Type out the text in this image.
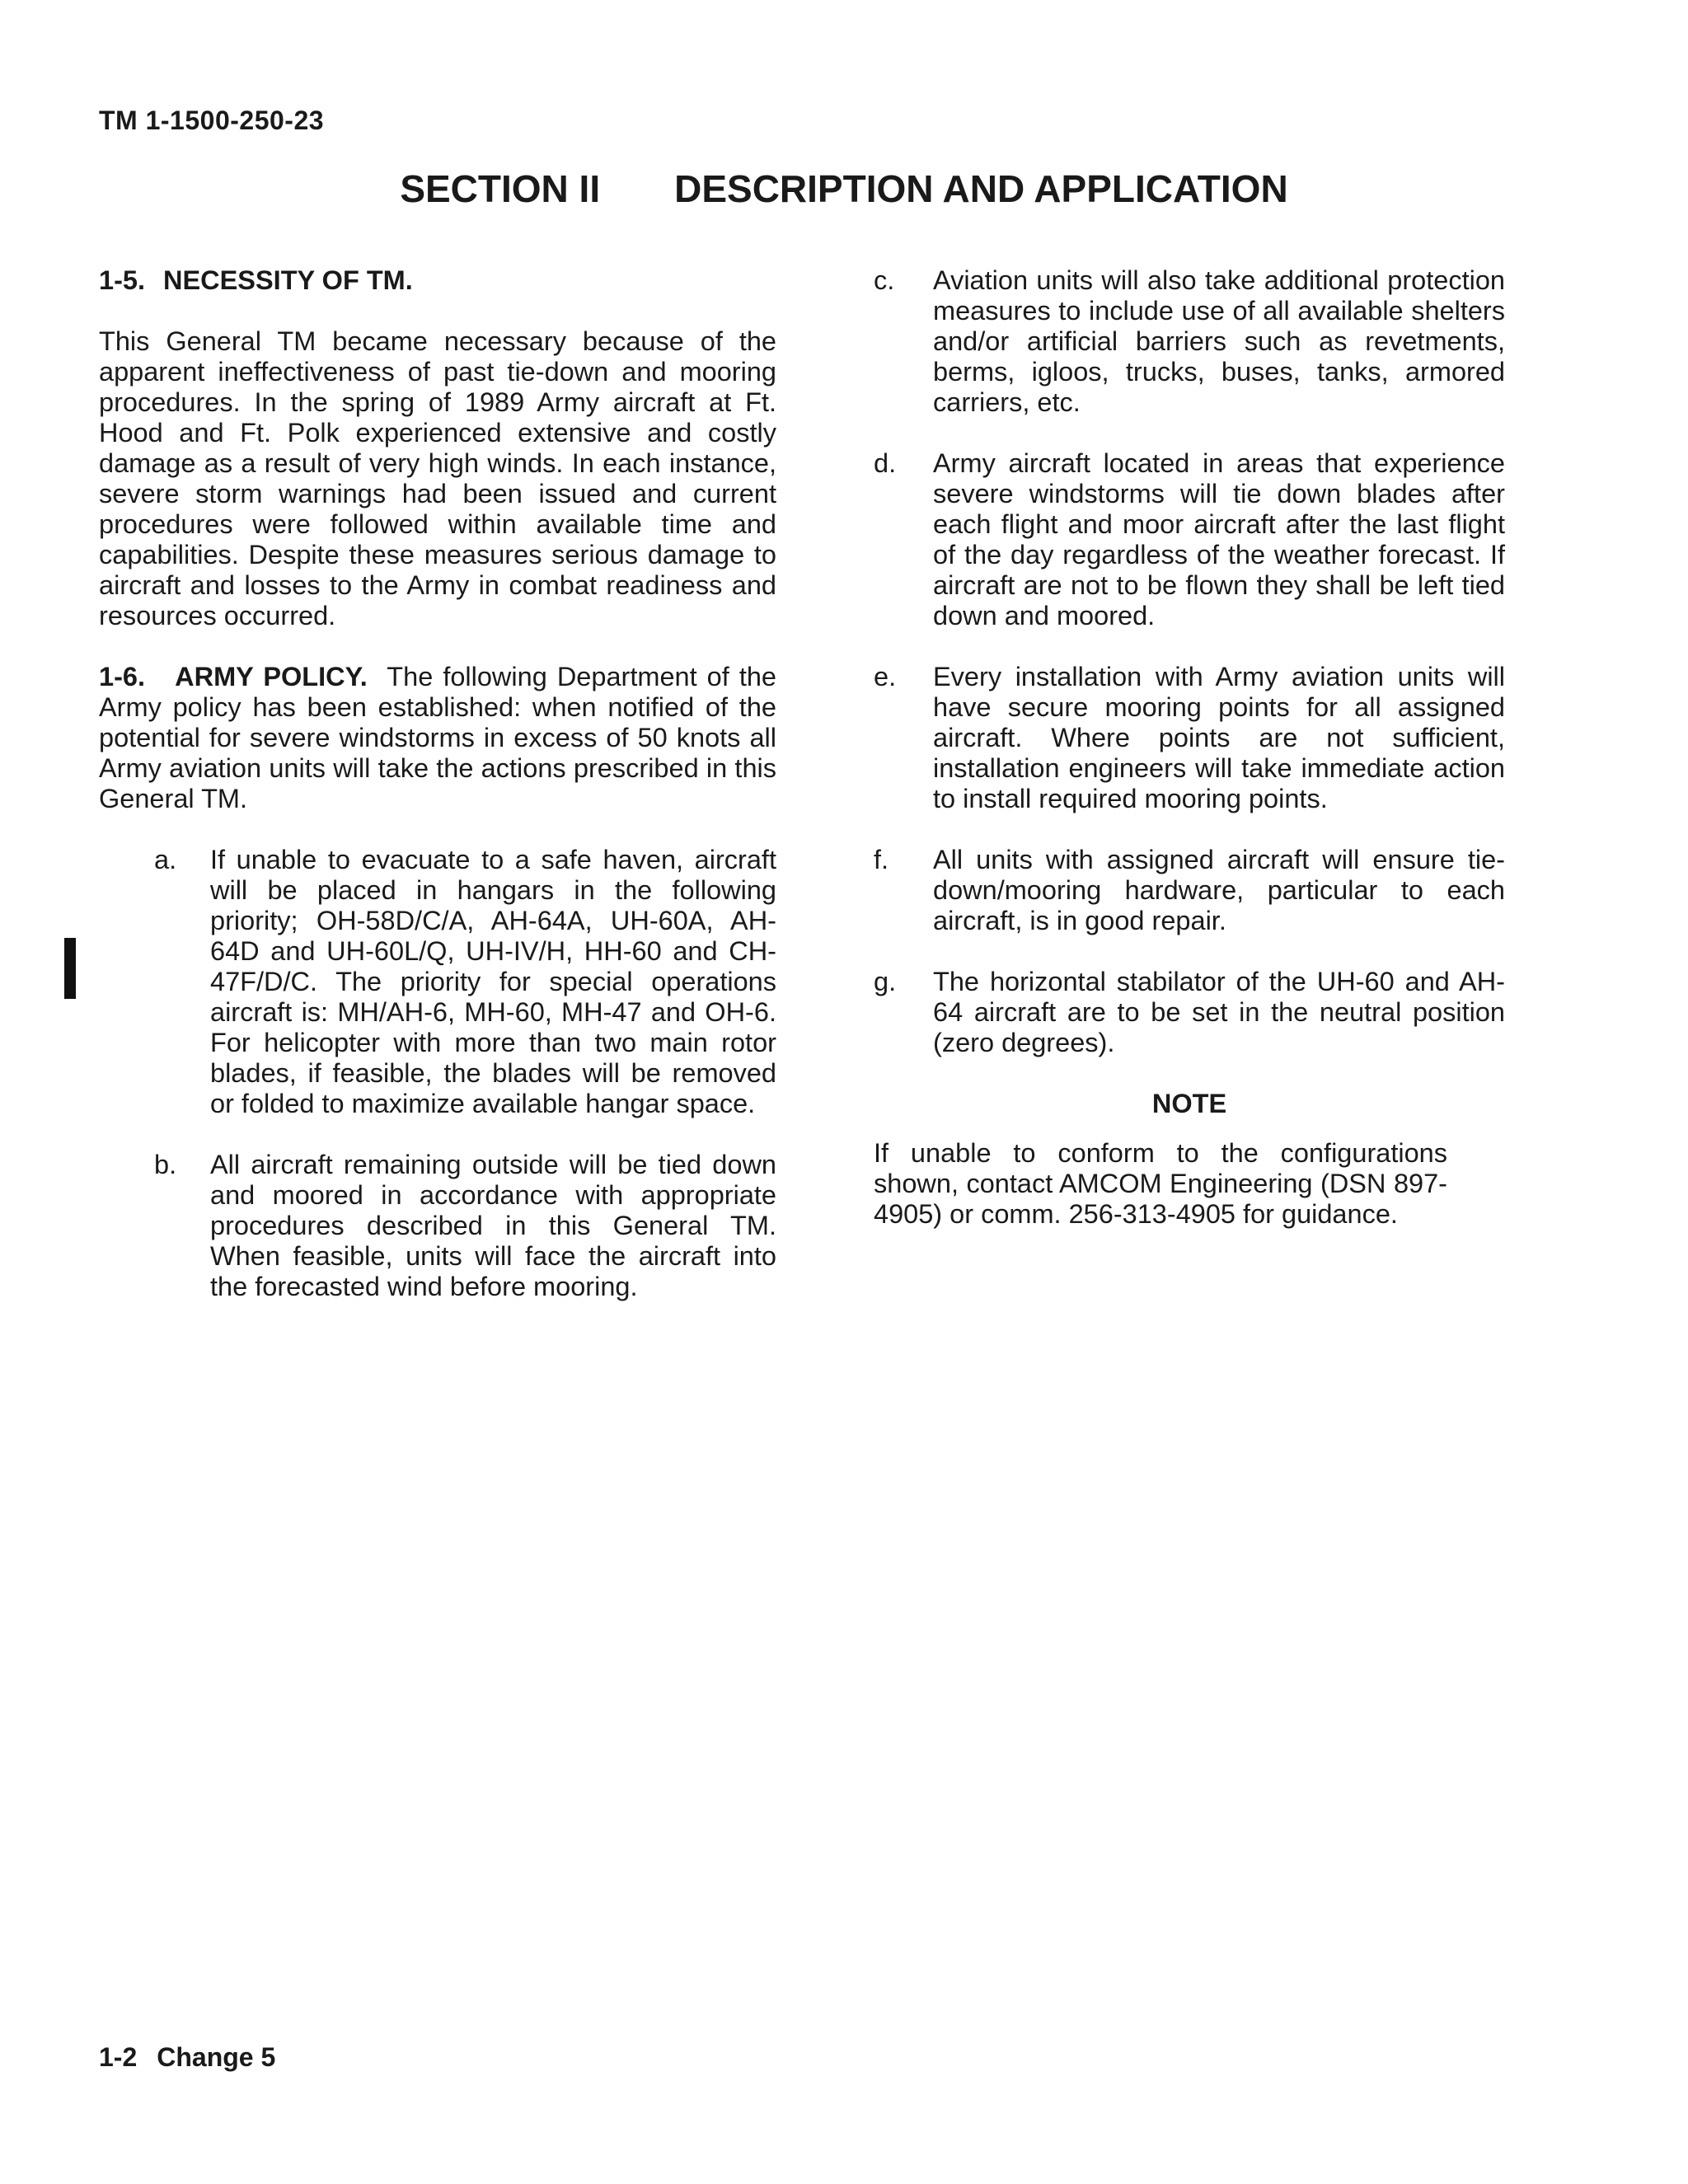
TM 1-1500-250-23
SECTION II DESCRIPTION AND APPLICATION
1-5. NECESSITY OF TM.

This General TM became necessary because of the apparent ineffectiveness of past tie-down and mooring procedures. In the spring of 1989 Army aircraft at Ft. Hood and Ft. Polk experienced extensive and costly damage as a result of very high winds. In each instance, severe storm warnings had been issued and current procedures were followed within available time and capabilities. Despite these measures serious damage to aircraft and losses to the Army in combat readiness and resources occurred.

1-6. ARMY POLICY. The following Department of the Army policy has been established: when notified of the potential for severe windstorms in excess of 50 knots all Army aviation units will take the actions prescribed in this General TM.

a.	If unable to evacuate to a safe haven, aircraft will be placed in hangars in the following priority; OH-58D/C/A, AH-64A, UH-60A, AH-64D and UH-60L/Q, UH-IV/H, HH-60 and CH-47F/D/C. The priority for special operations aircraft is: MH/AH-6, MH-60, MH-47 and OH-6. For helicopter with more than two main rotor blades, if feasible, the blades will be removed or folded to maximize available hangar space.
b.	All aircraft remaining outside will be tied down and moored in accordance with appropriate procedures described in this General TM. When feasible, units will face the aircraft into the forecasted wind before mooring.
c.	Aviation units will also take additional protection measures to include use of all available shelters and/or artificial barriers such as revetments, berms, igloos, trucks, buses, tanks, armored carriers, etc.
d.	Army aircraft located in areas that experience severe windstorms will tie down blades after each flight and moor aircraft after the last flight of the day regardless of the weather forecast. If aircraft are not to be flown they shall be left tied down and moored.
e.	Every installation with Army aviation units will have secure mooring points for all assigned aircraft. Where points are not sufficient, installation engineers will take immediate action to install required mooring points.
f.	All units with assigned aircraft will ensure tie-down/mooring hardware, particular to each aircraft, is in good repair.
g.	The horizontal stabilator of the UH-60 and AH-64 aircraft are to be set in the neutral position (zero degrees).
NOTE

If unable to conform to the configurations shown, contact AMCOM Engineering (DSN 897-4905) or comm. 256-313-4905 for guidance.

1-2 Change 5
